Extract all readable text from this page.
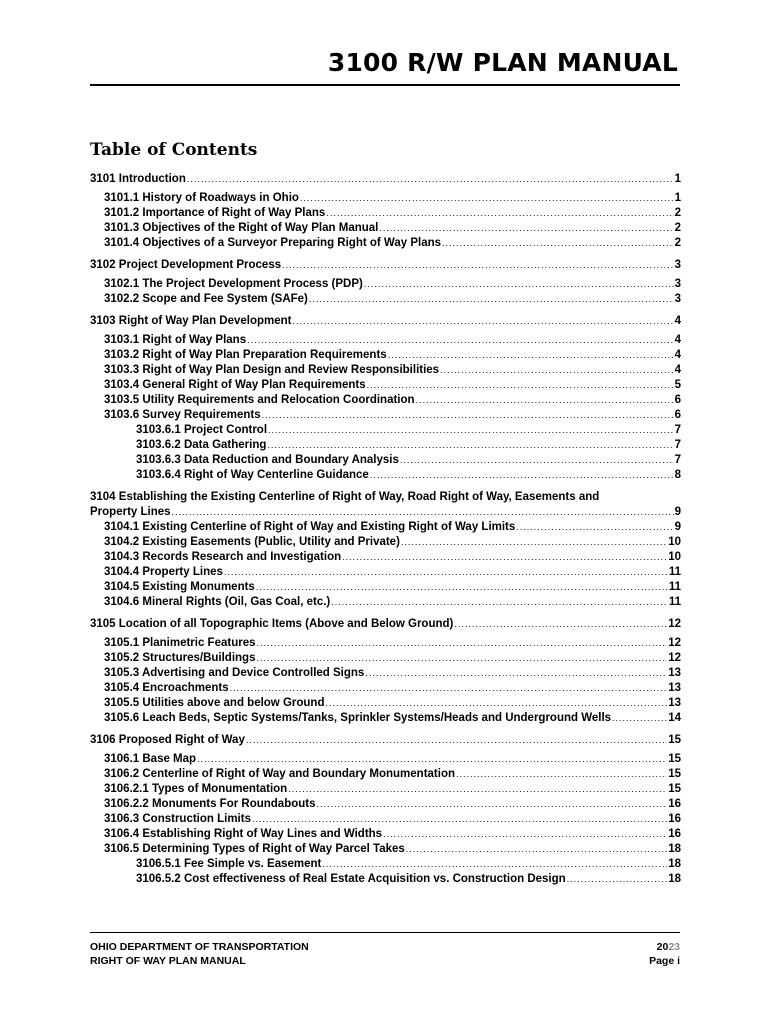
3100 R/W PLAN MANUAL
Table of Contents
3101 Introduction .....	1
3101.1 History of Roadways in Ohio .....	1
3101.2 Importance of Right of Way Plans .....	2
3101.3 Objectives of the Right of Way Plan Manual .....	2
3101.4 Objectives of a Surveyor Preparing Right of Way Plans .....	2
3102 Project Development Process .....	3
3102.1 The Project Development Process (PDP) .....	3
3102.2 Scope and Fee System (SAFe) .....	3
3103 Right of Way Plan Development .....	4
3103.1 Right of Way Plans .....	4
3103.2 Right of Way Plan Preparation Requirements .....	4
3103.3 Right of Way Plan Design and Review Responsibilities .....	4
3103.4 General Right of Way Plan Requirements .....	5
3103.5 Utility Requirements and Relocation Coordination .....	6
3103.6 Survey Requirements .....	6
3103.6.1 Project Control .....	7
3103.6.2 Data Gathering .....	7
3103.6.3 Data Reduction and Boundary Analysis .....	7
3103.6.4 Right of Way Centerline Guidance .....	8
3104 Establishing the Existing Centerline of Right of Way, Road Right of Way, Easements and
Property Lines .....	9
3104.1 Existing Centerline of Right of Way and Existing Right of Way Limits .....	9
3104.2 Existing Easements (Public, Utility and Private) .....	10
3104.3 Records Research and Investigation .....	10
3104.4 Property Lines .....	11
3104.5 Existing Monuments .....	11
3104.6 Mineral Rights (Oil, Gas Coal, etc.) .....	11
3105 Location of all Topographic Items (Above and Below Ground) .....	12
3105.1 Planimetric Features .....	12
3105.2 Structures/Buildings .....	12
3105.3 Advertising and Device Controlled Signs .....	13
3105.4 Encroachments .....	13
3105.5 Utilities above and below Ground .....	13
3105.6 Leach Beds, Septic Systems/Tanks, Sprinkler Systems/Heads and Underground Wells .....	14
3106 Proposed Right of Way .....	15
3106.1 Base Map .....	15
3106.2 Centerline of Right of Way and Boundary Monumentation .....	15
3106.2.1 Types of Monumentation .....	15
3106.2.2 Monuments For Roundabouts .....	16
3106.3 Construction Limits .....	16
3106.4 Establishing Right of Way Lines and Widths .....	16
3106.5 Determining Types of Right of Way Parcel Takes .....	18
3106.5.1 Fee Simple vs. Easement .....	18
3106.5.2 Cost effectiveness of Real Estate Acquisition vs. Construction Design .....	18
OHIO DEPARTMENT OF TRANSPORTATION
RIGHT OF WAY PLAN MANUAL
2023
Page i
